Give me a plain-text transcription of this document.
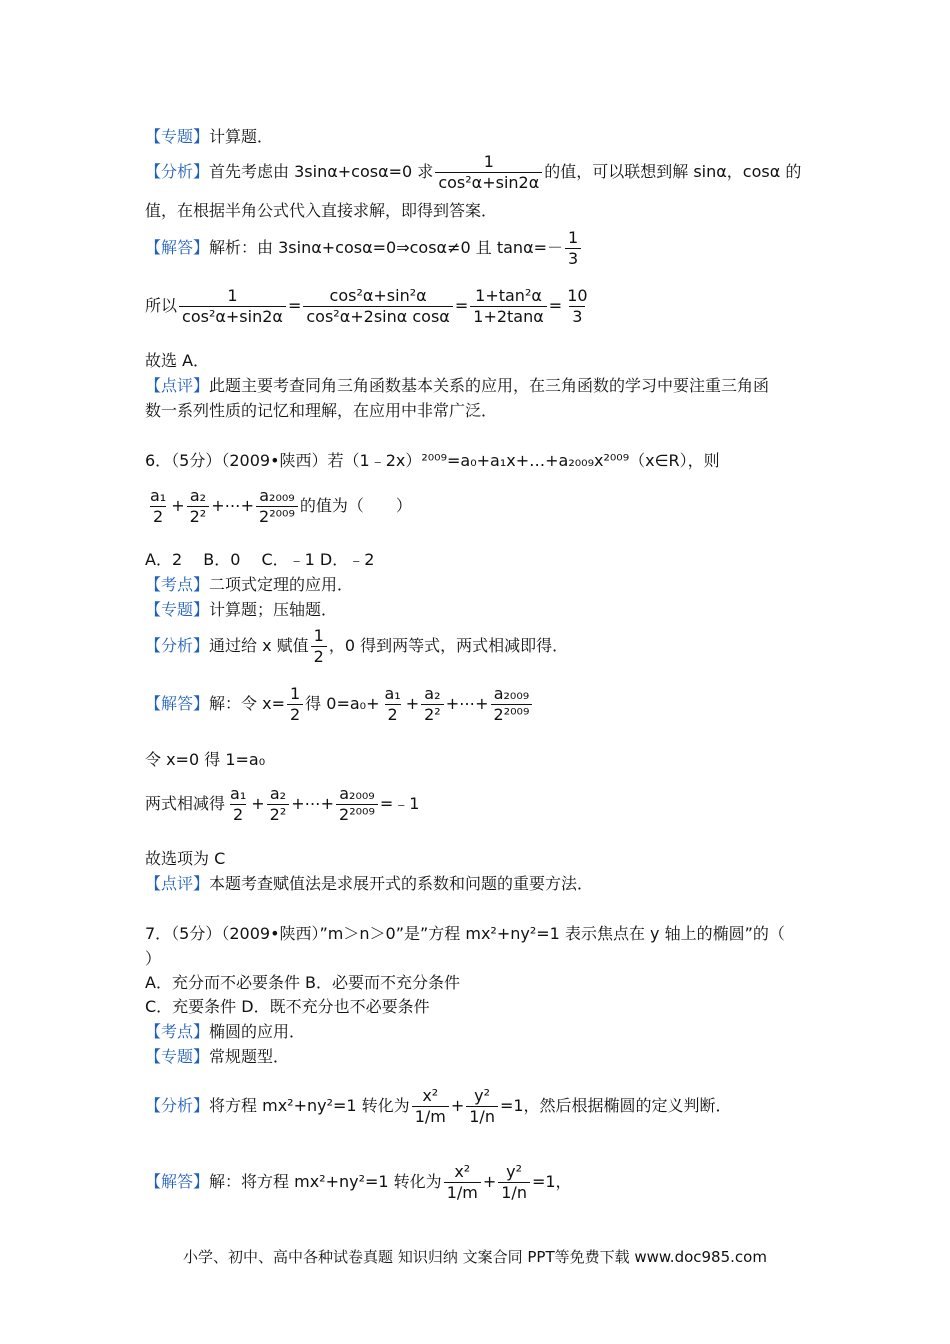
【专题】计算题．
【分析】首先考虑由 3sinα+cosα=0 求 $\frac{1}{\text{cos²α+sin2α}}$ 的值，可以联想到解 sinα，cosα 的
值，在根据半角公式代入直接求解，即得到答案．
【解答】解析：由 3sinα+cosα=0⇒cosα≠0 且 $\tan\alpha=- \frac{1}{3}$
所以 $\frac{1}{\text{cos²α+sin2α}} = \frac{\text{cos²α+sin²α}}{\text{cos²α+2sinα cosα}} = \frac{\text{1+tan²α}}{1+2\tan\alpha} = \frac{10}{3}$
故选 A．
【点评】此题主要考查同角三角函数基本关系的应用，在三角函数的学习中要注重三角函
数一系列性质的记忆和理解，在应用中非常广泛．
6．（5分）（2009•陕西）若（1﹣2x）²⁰⁰⁹=a₀+a₁x+…+a₂₀₀₉x²⁰⁰⁹（x∈R），则
$\frac{\text{a₁}}{2} + \frac{\text{a₂}}{\text{2²}}$ +⋯+ $\frac{\text{a₂₀₀₉}}{\text{2²⁰⁰⁹}}$ 的值为（　　）
A．2　 B．0　 C．﹣1 D．﹣2
【考点】二项式定理的应用．
【专题】计算题；压轴题．
【分析】通过给 x 赋值 $\frac{1}{2}$ ，0 得到两等式，两式相减即得．
【解答】解：令 $x= \frac{1}{2}$ 得 $0=a_0+ \frac{\text{a₁}}{2} + \frac{\text{a₂}}{\text{2²}}$ +⋯+ $\frac{\text{a₂₀₀₉}}{\text{2²⁰⁰⁹}}$
令 x=0 得 1=a₀
两式相减得 $\frac{\text{a₁}}{2} + \frac{\text{a₂}}{\text{2²}}$ +⋯+ $\frac{\text{a₂₀₀₉}}{\text{2²⁰⁰⁹}}$ =﹣1
故选项为 C
【点评】本题考查赋值法是求展开式的系数和问题的重要方法．
7．（5分）（2009•陕西）”m＞n＞0”是”方程 mx²+ny²=1 表示焦点在 y 轴上的椭圆”的（
）
A．充分而不必要条件 B．必要而不充分条件
C．充要条件 D．既不充分也不必要条件
【考点】椭圆的应用．
【专题】常规题型．
【分析】将方程 mx²+ny²=1 转化为 $\frac{\text{x²}}{1/m} + \frac{\text{y²}}{1/n} =1$，然后根据椭圆的定义判断．
【解答】解：将方程 mx²+ny²=1 转化为 $\frac{\text{x²}}{1/m} + \frac{\text{y²}}{1/n} =1$，
小学、初中、高中各种试卷真题 知识归纳 文案合同 PPT等免费下载 www.doc985.com
